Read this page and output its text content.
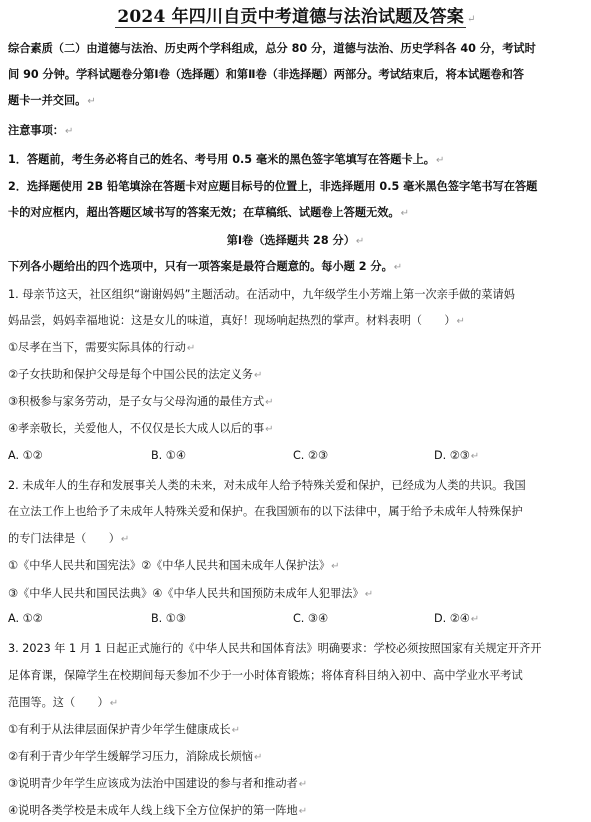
2024 年四川自贡中考道德与法治试题及答案 ↵
综合素质（二）由道德与法治、历史两个学科组成，总分 80 分，道德与法治、历史学科各 40 分，考试时
间 90 分钟。学科试题卷分第Ⅰ卷（选择题）和第Ⅱ卷（非选择题）两部分。考试结束后，将本试题卷和答
题卡一并交回。↵
注意事项：↵
1．答题前，考生务必将自己的姓名、考号用 0.5 毫米的黑色签字笔填写在答题卡上。↵
2．选择题使用 2B 铅笔填涂在答题卡对应题目标号的位置上，非选择题用 0.5 毫米黑色签字笔书写在答题
卡的对应框内，超出答题区域书写的答案无效；在草稿纸、试题卷上答题无效。↵
第Ⅰ卷（选择题共 28 分）↵
下列各小题给出的四个选项中，只有一项答案是最符合题意的。每小题 2 分。↵
1. 母亲节这天，社区组织“谢谢妈妈”主题活动。在活动中，九年级学生小芳端上第一次亲手做的菜请妈
妈品尝，妈妈幸福地说：这是女儿的味道，真好！现场响起热烈的掌声。材料表明（　　）↵
①尽孝在当下，需要实际具体的行动↵
②子女扶助和保护父母是每个中国公民的法定义务↵
③积极参与家务劳动，是子女与父母沟通的最佳方式↵
④孝亲敬长，关爱他人，不仅仅是长大成人以后的事↵
A. ①②	B. ①④	C. ②③	D. ②③↵
2. 未成年人的生存和发展事关人类的未来，对未成年人给予特殊关爱和保护，已经成为人类的共识。我国
在立法工作上也给予了未成年人特殊关爱和保护。在我国颁布的以下法律中，属于给予未成年人特殊保护
的专门法律是（　　）↵
①《中华人民共和国宪法》②《中华人民共和国未成年人保护法》↵
③《中华人民共和国民法典》④《中华人民共和国预防未成年人犯罪法》↵
A. ①②	B. ①③	C. ③④	D. ②④↵
3. 2023 年 1 月 1 日起正式施行的《中华人民共和国体育法》明确要求：学校必须按照国家有关规定开齐开
足体育课，保障学生在校期间每天参加不少于一小时体育锻炼；将体育科目纳入初中、高中学业水平考试
范围等。这（　　）↵
①有利于从法律层面保护青少年学生健康成长↵
②有利于青少年学生缓解学习压力，消除成长烦恼↵
③说明青少年学生应该成为法治中国建设的参与者和推动者↵
④说明各类学校是未成年人线上线下全方位保护的第一阵地↵
